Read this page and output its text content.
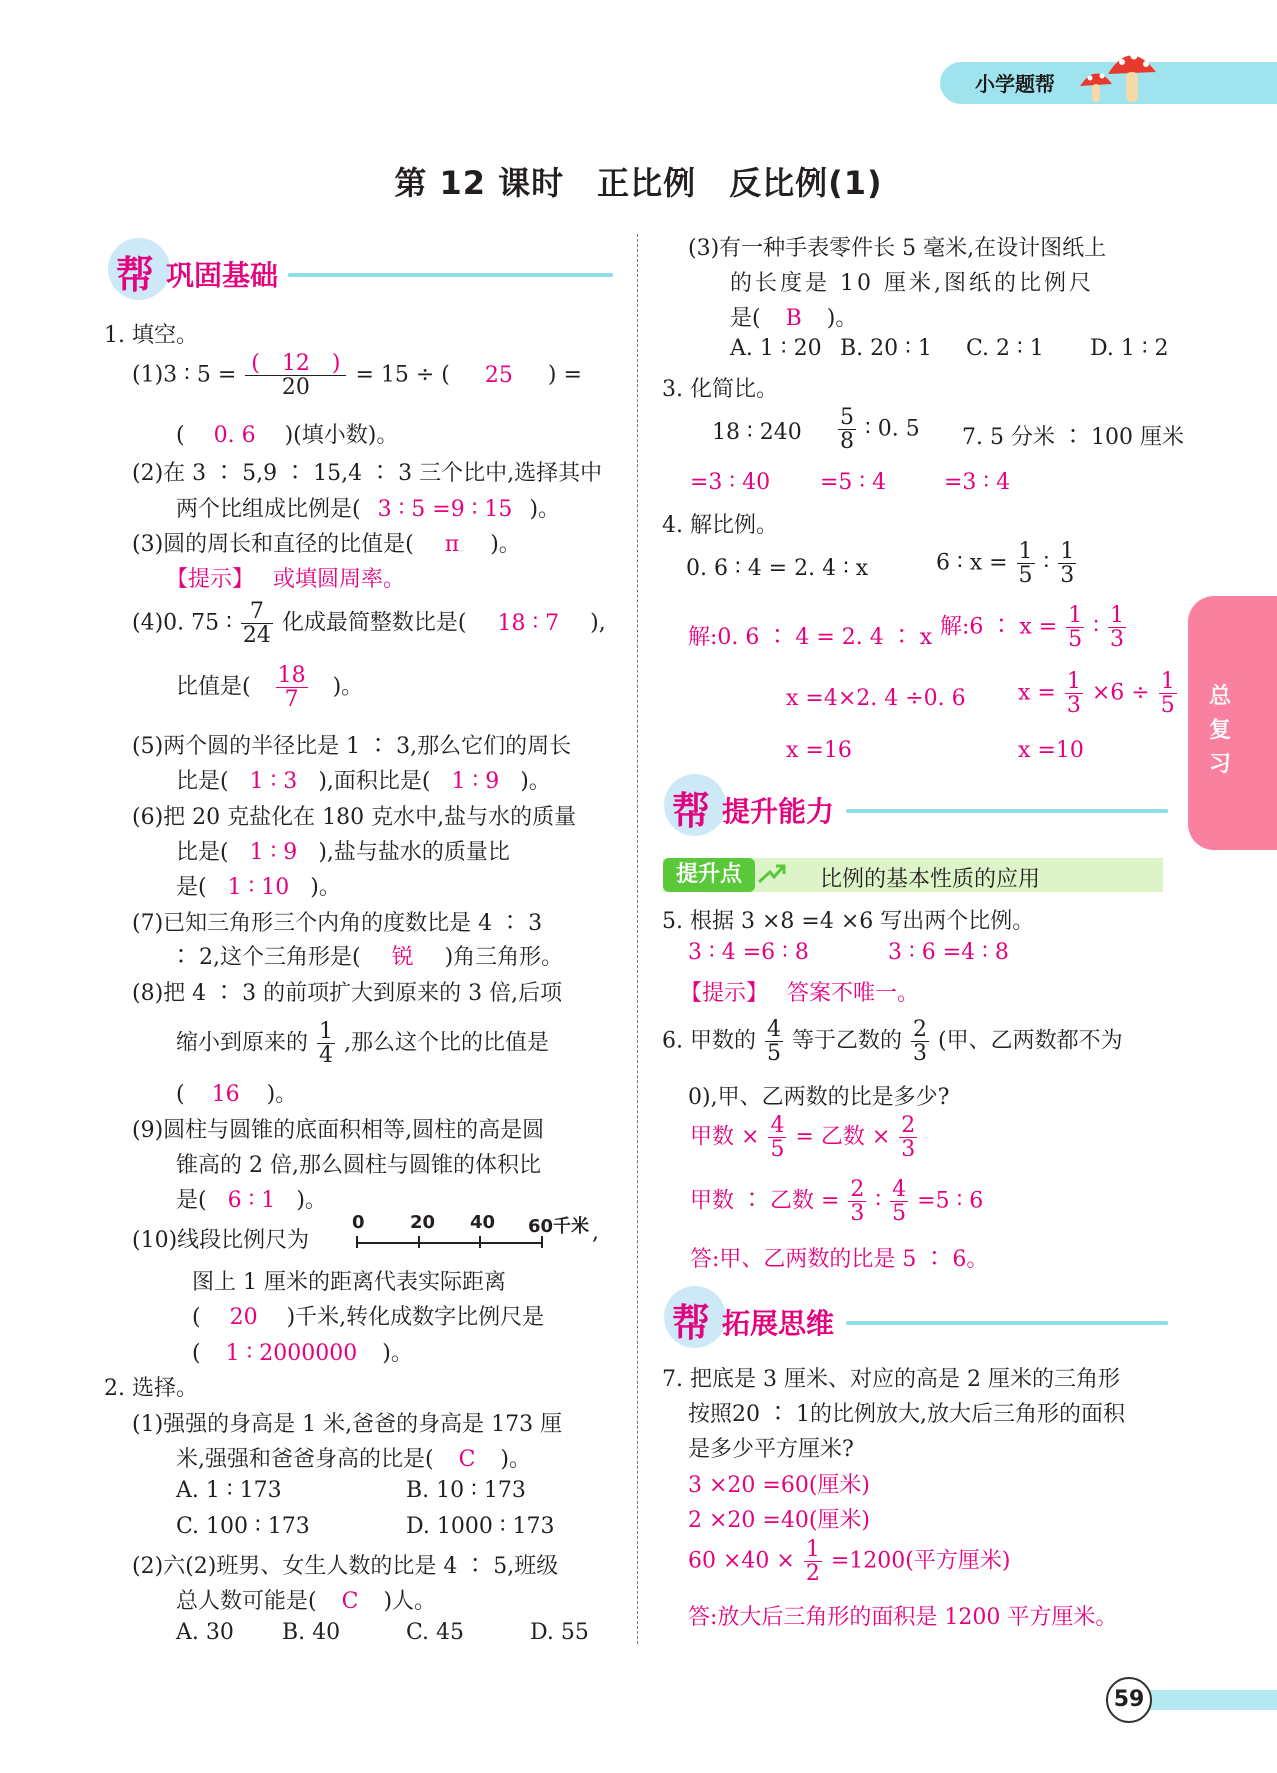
小学题帮
第 12 课时　正比例　反比例(1)
帮 巩固基础
1. 填空。
(1)3 ∶ $5 = \frac{( 12 )}{20} = 15$ ÷ ( 25 ) =
( 0. 6 )(填小数)。
(2)在 3 ∶ 5,9 ∶ 15,4 ∶ 3 三个比中,选择其中
两个比组成比例是( 3 ∶ 5 =9 ∶ 15 )。
(3)圆的周长和直径的比值是( π )。
【提示】 或填圆周率。
(4)0. 75 ∶ $\frac{7}{24}$ 化成最简整数比是( 18 ∶ 7 ),
比值是( $\frac{18}{7}$ )。
(5)两个圆的半径比是 1 ∶ 3,那么它们的周长
比是( 1 ∶ 3 ),面积比是( 1 ∶ 9 )。
(6)把 20 克盐化在 180 克水中,盐与水的质量
比是( 1 ∶ 9 ),盐与盐水的质量比
是( 1 ∶ 10 )。
(7)已知三角形三个内角的度数比是 4 ∶ 3
∶ 2,这个三角形是( 锐 )角三角形。
(8)把 4 ∶ 3 的前项扩大到原来的 3 倍,后项
缩小到原来的 $\frac{1}{4}$ ,那么这个比的比值是
( 16 )。
(9)圆柱与圆锥的底面积相等,圆柱的高是圆
锥高的 2 倍,那么圆柱与圆锥的体积比
是( 6 ∶ 1 )。
(10)线段比例尺为
0	20 40 60千米 ,
图上 1 厘米的距离代表实际距离
( 20 )千米,转化成数字比例尺是
( 1 ∶ 2000000 )。
2. 选择。
(1)强强的身高是 1 米,爸爸的身高是 173 厘
米,强强和爸爸身高的比是( C )。
A. 1 ∶ 173	B. 10 ∶ 173
C. 100 ∶ 173	D. 1000 ∶ 173
(2)六(2)班男、女生人数的比是 4 ∶ 5,班级
总人数可能是( C )人。
A. 30 B. 40	C. 45	D. 55
(3)有一种手表零件长 5 毫米,在设计图纸上
的长度是 10 厘米,图纸的比例尺
是( B )。
A. 1 ∶ 20 B. 20 ∶ 1 C. 2 ∶ 1 D. 1 ∶ 2
3. 化简比。
18 ∶ $240 \frac{5}{8}$ ∶ 0. 5 7. 5 分米 ∶ 100 厘米
=3 ∶ 40 =5 ∶ 4	=3 ∶ 4
4. 解比例。
0. 6 ∶ 4 = 2. 4 ∶ x	6 ∶ $x = \frac{1}{5}$ ∶ $\frac{1}{3}$
解:0. 6 ∶ 4 = 2. 4 ∶ x
x =4×2. 4 ÷0. 6
x =16
解:6 ∶ $x = \frac{1}{5}$ ∶ $\frac{1}{3}$
$x = \frac{1}{3} \times 6 \div \frac{1}{5}$
x =10
帮 提升能力
提升点	比例的基本性质的应用
5. 根据 3 ×8 =4 ×6 写出两个比例。
3 ∶ 4 =6 ∶ 8	3 ∶ 6 =4 ∶ 8
【提示】 答案不唯一。
6. 甲数的 $\frac{4}{5}$ 等于乙数的 $\frac{2}{3}$ (甲、乙两数都不为
0),甲、乙两数的比是多少?
甲数 × $\frac{4}{5}$ = 乙数 × $\frac{2}{3}$
甲数 ∶ 乙数 = $\frac{2}{3}$ ∶ $\frac{4}{5} =5$ ∶ 6
答:甲、乙两数的比是 5 ∶ 6。
帮 拓展思维
7. 把底是 3 厘米、对应的高是 2 厘米的三角形
按照20 ∶ 1的比例放大,放大后三角形的面积
是多少平方厘米?
3 ×20 =60(厘米)
2 ×20 =40(厘米)
$60 \times 40 \times \frac{1}{2} =1200$(平方厘米)
答:放大后三角形的面积是 1200 平方厘米。
总
复
习
59
